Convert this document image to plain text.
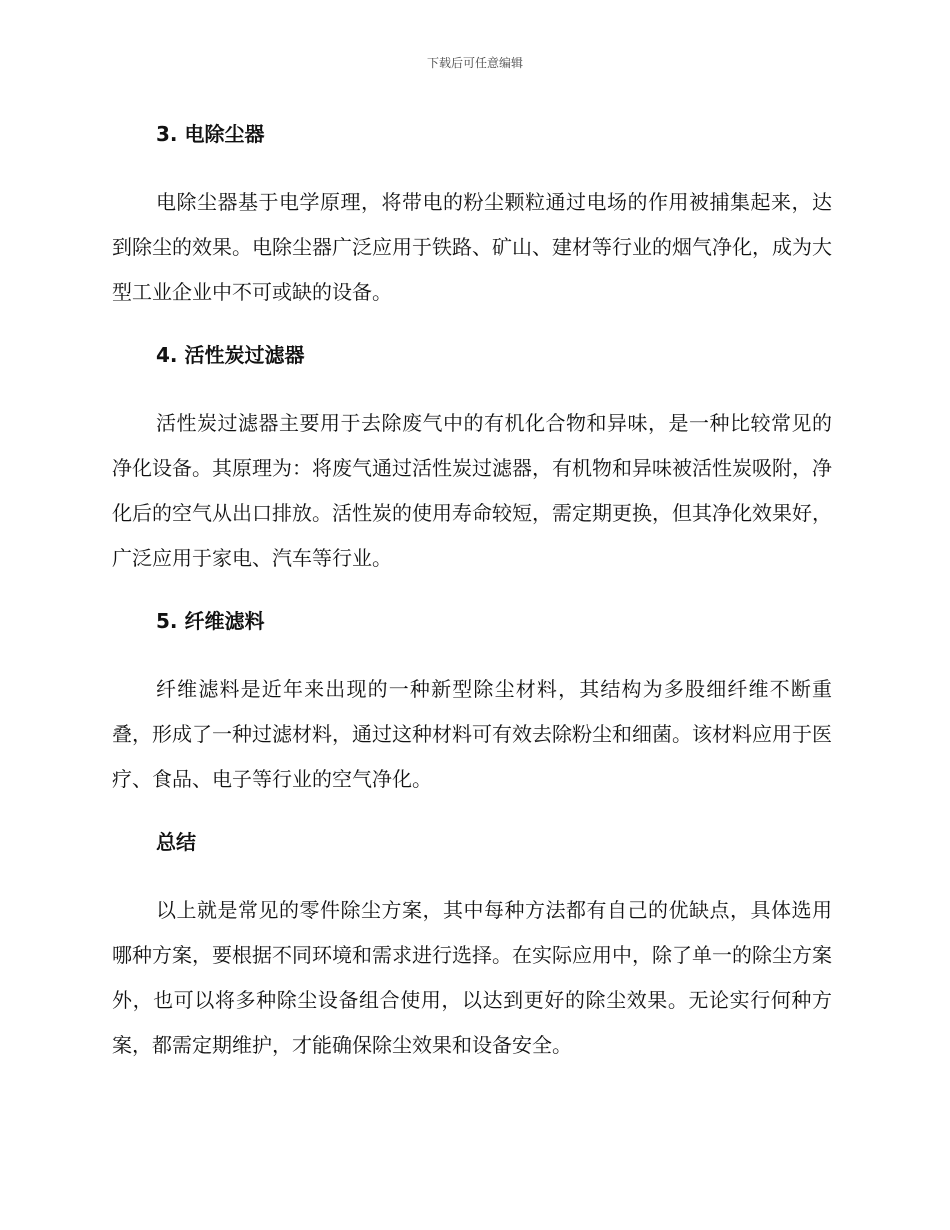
下载后可任意编辑
3. 电除尘器

电除尘器基于电学原理，将带电的粉尘颗粒通过电场的作用被捕集起来，达到除尘的效果。电除尘器广泛应用于铁路、矿山、建材等行业的烟气净化，成为大型工业企业中不可或缺的设备。

4. 活性炭过滤器

活性炭过滤器主要用于去除废气中的有机化合物和异味，是一种比较常见的净化设备。其原理为：将废气通过活性炭过滤器，有机物和异味被活性炭吸附，净化后的空气从出口排放。活性炭的使用寿命较短，需定期更换，但其净化效果好，广泛应用于家电、汽车等行业。

5. 纤维滤料

纤维滤料是近年来出现的一种新型除尘材料，其结构为多股细纤维不断重叠，形成了一种过滤材料，通过这种材料可有效去除粉尘和细菌。该材料应用于医疗、食品、电子等行业的空气净化。

总结

以上就是常见的零件除尘方案，其中每种方法都有自己的优缺点，具体选用哪种方案，要根据不同环境和需求进行选择。在实际应用中，除了单一的除尘方案外，也可以将多种除尘设备组合使用，以达到更好的除尘效果。无论实行何种方案，都需定期维护，才能确保除尘效果和设备安全。
